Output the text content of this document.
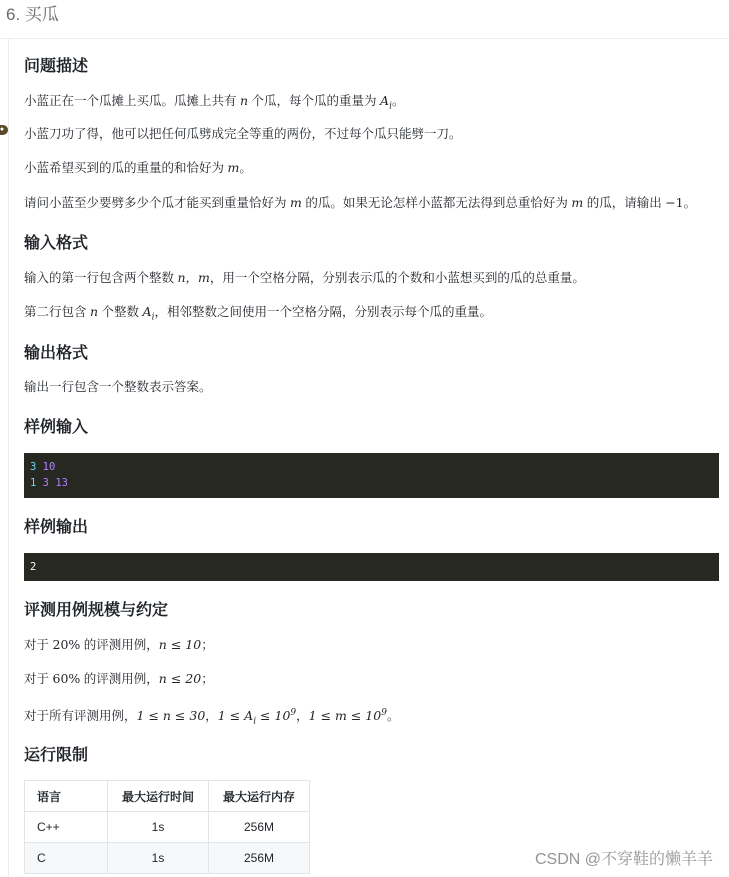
6. 买瓜
●
问题描述
小蓝正在一个瓜摊上买瓜。瓜摊上共有 n 个瓜，每个瓜的重量为 $A_i$。
小蓝刀功了得，他可以把任何瓜劈成完全等重的两份，不过每个瓜只能劈一刀。
小蓝希望买到的瓜的重量的和恰好为 m。
请问小蓝至少要劈多少个瓜才能买到重量恰好为 m 的瓜。如果无论怎样小蓝都无法得到总重恰好为 m 的瓜，请输出 −1。
输入格式
输入的第一行包含两个整数 n，m，用一个空格分隔，分别表示瓜的个数和小蓝想买到的瓜的总重量。
第二行包含 n 个整数 $A_i$，相邻整数之间使用一个空格分隔，分别表示每个瓜的重量。
输出格式
输出一行包含一个整数表示答案。
样例输入
3 10
1 3 13
样例输出
2
评测用例规模与约定
对于 20% 的评测用例，n ≤ 10；
对于 60% 的评测用例，n ≤ 20；
对于所有评测用例，1 ≤ n ≤ 30，$1 \le A_i \le 10^9$，$1 \le m \le 10^9$。
运行限制
语言	最大运行时间	最大运行内存
C++	1s	256M
C	1s	256M	CSDN @不穿鞋的懒羊羊
